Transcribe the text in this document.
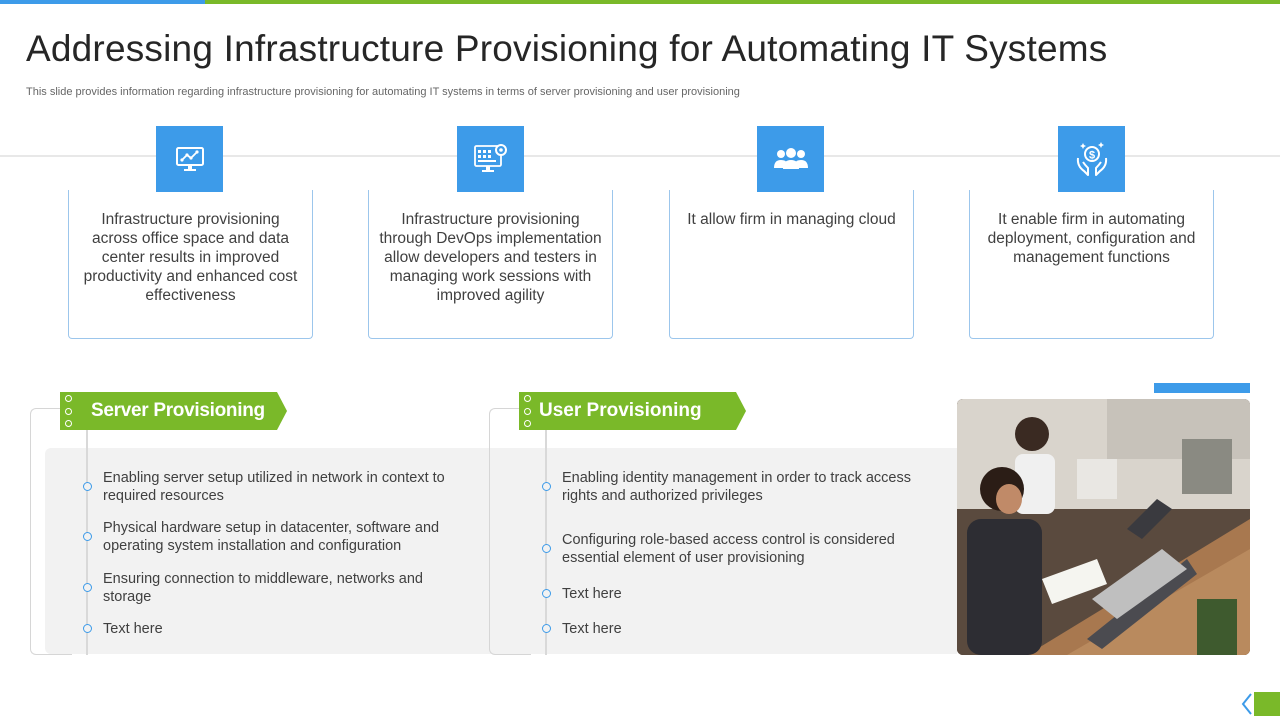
Addressing Infrastructure Provisioning for Automating IT Systems
This slide provides information regarding infrastructure provisioning for automating IT systems in terms of server provisioning and user provisioning
Infrastructure provisioning across office space and data center results in improved productivity and enhanced cost effectiveness
Infrastructure provisioning through DevOps implementation allow developers and testers in managing work sessions with improved agility
It allow firm in managing cloud	It enable firm in automating deployment, configuration and management functions
$
Server Provisioning	User Provisioning
Enabling server setup utilized in network in context to required resources
Physical hardware setup in datacenter, software and operating system installation and configuration
Ensuring connection to middleware, networks and storage
Text here
Enabling identity management in order to track access rights and authorized privileges
Configuring role-based access control is considered essential element of user provisioning
Text here
Text here
